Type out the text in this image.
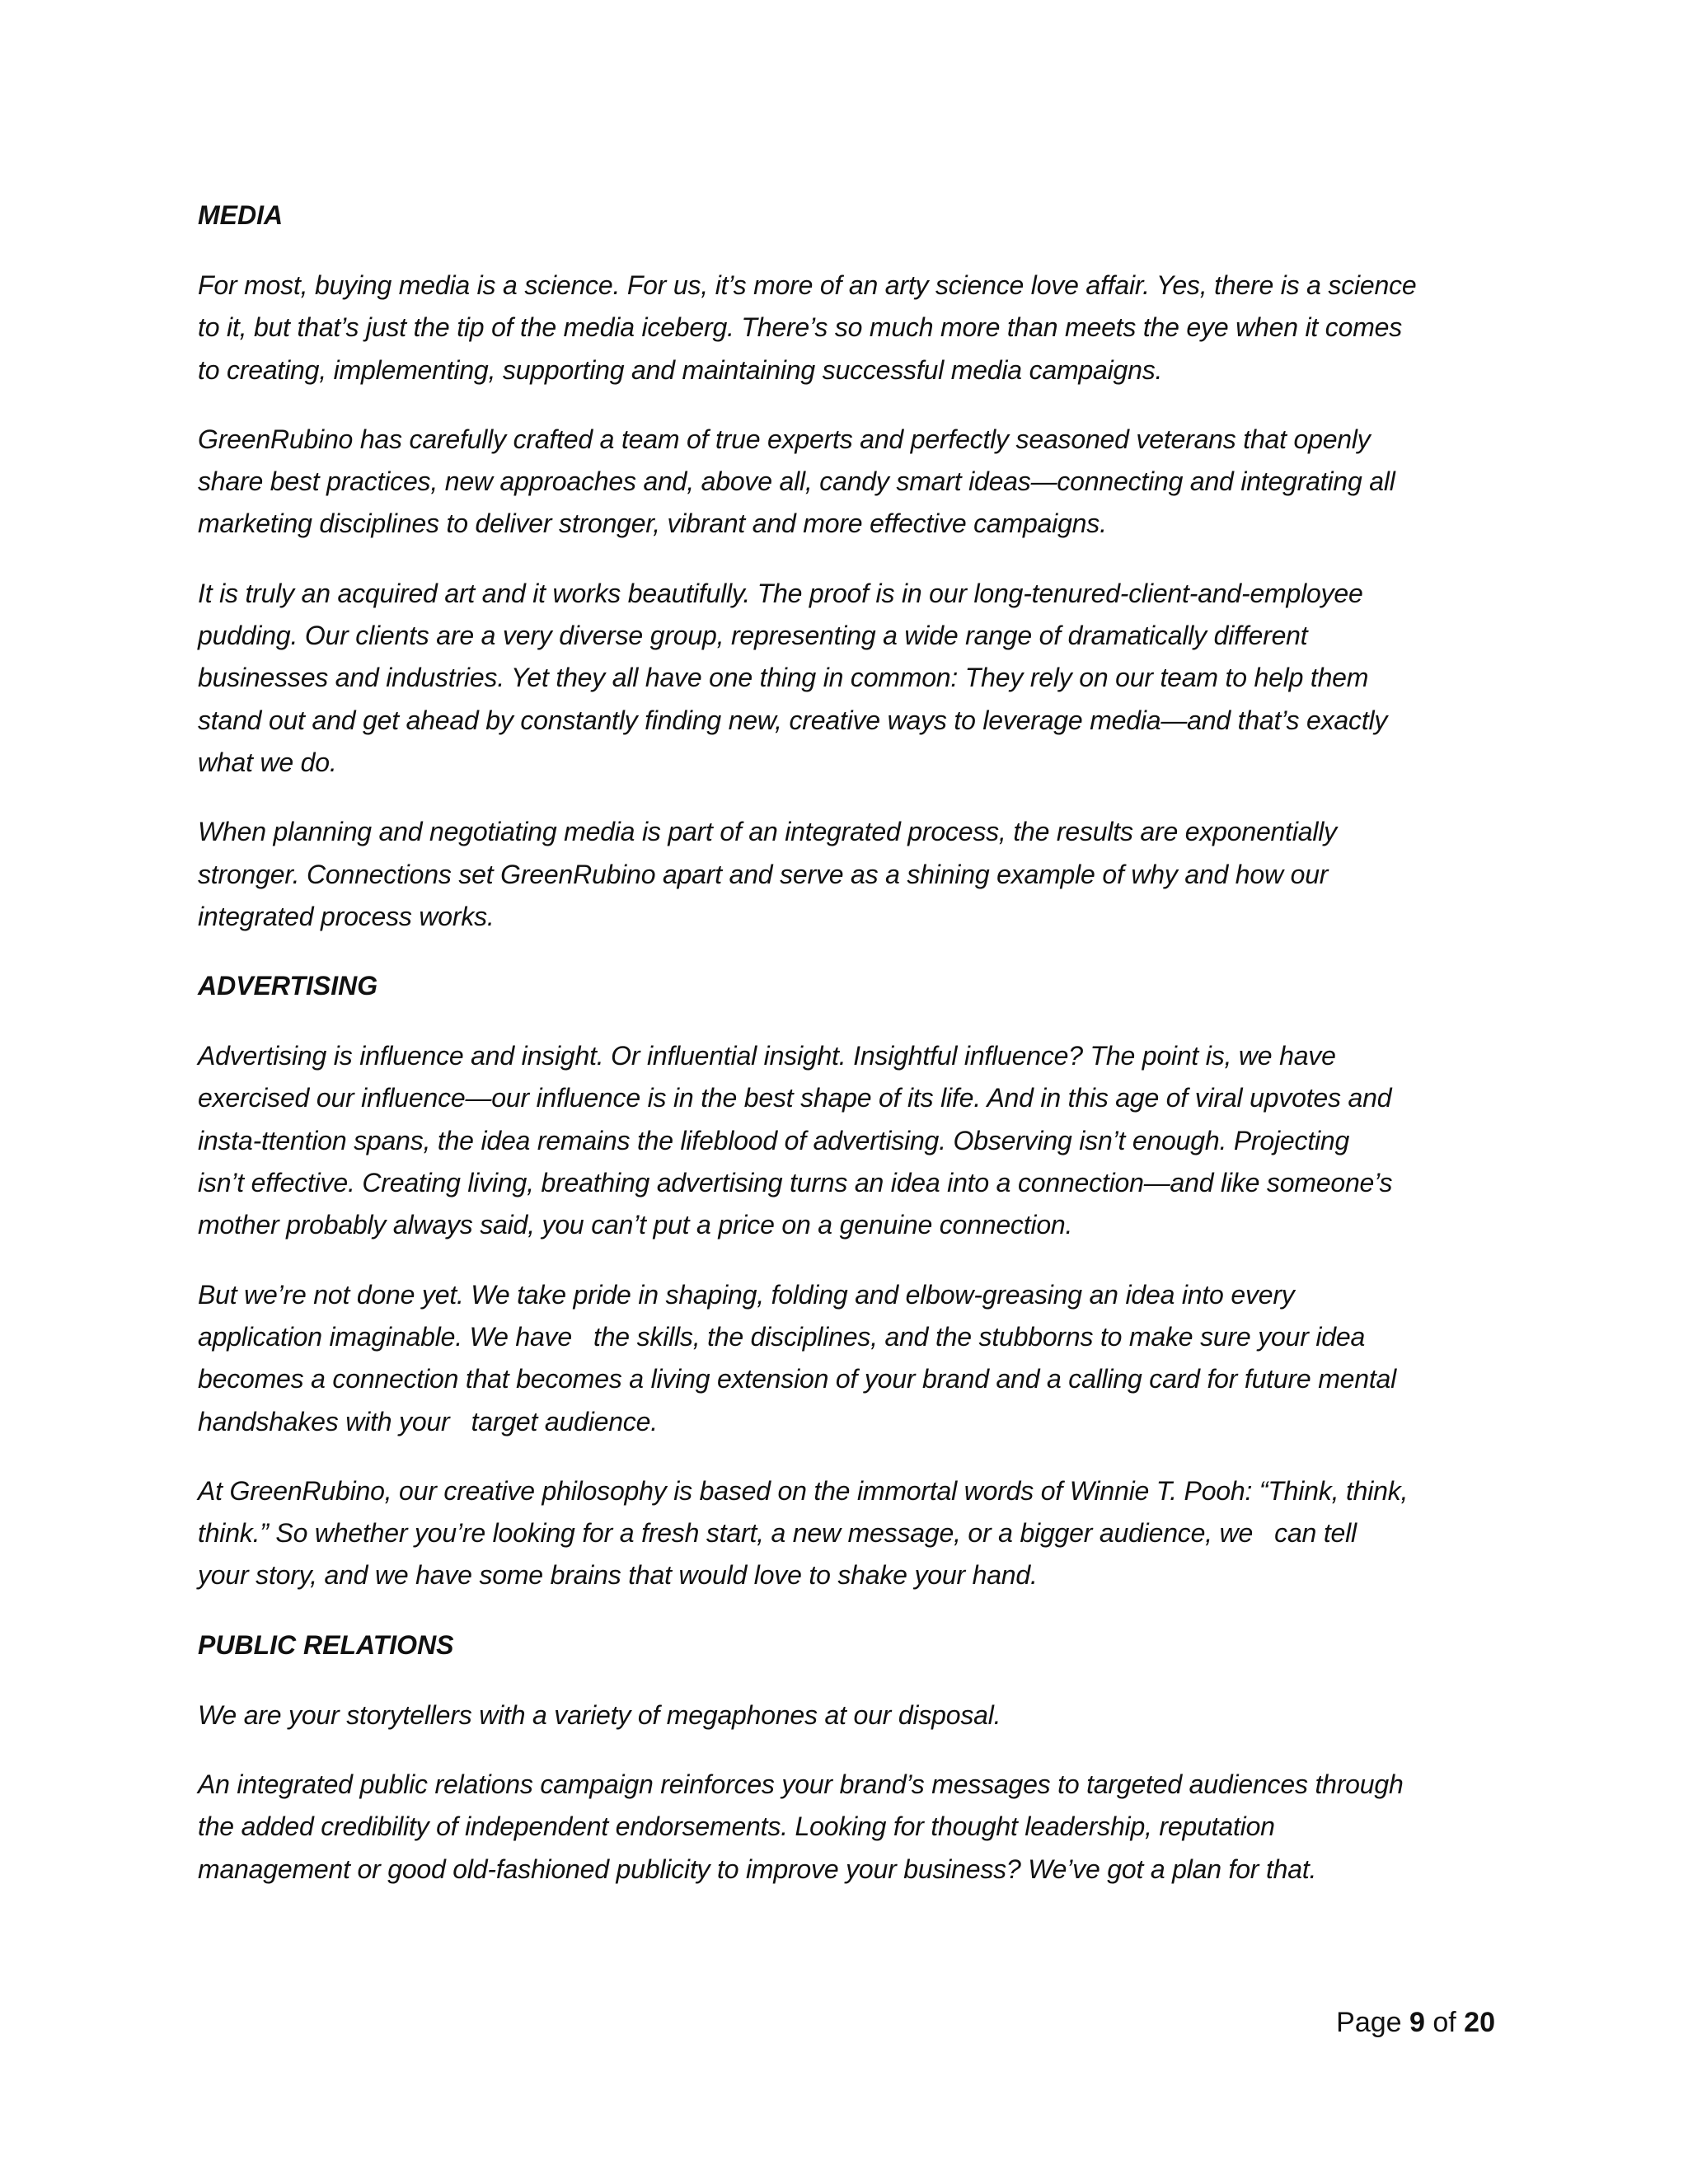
MEDIA
For most, buying media is a science. For us, it’s more of an arty science love affair. Yes, there is a science
to it, but that’s just the tip of the media iceberg. There’s so much more than meets the eye when it comes
to creating, implementing, supporting and maintaining successful media campaigns.
GreenRubino has carefully crafted a team of true experts and perfectly seasoned veterans that openly
share best practices, new approaches and, above all, candy smart ideas—connecting and integrating all
marketing disciplines to deliver stronger, vibrant and more effective campaigns.
It is truly an acquired art and it works beautifully. The proof is in our long-tenured-client-and-employee
pudding. Our clients are a very diverse group, representing a wide range of dramatically different
businesses and industries. Yet they all have one thing in common: They rely on our team to help them
stand out and get ahead by constantly finding new, creative ways to leverage media—and that’s exactly
what we do.
When planning and negotiating media is part of an integrated process, the results are exponentially
stronger. Connections set GreenRubino apart and serve as a shining example of why and how our
integrated process works.
ADVERTISING
Advertising is influence and insight. Or influential insight. Insightful influence? The point is, we have
exercised our influence—our influence is in the best shape of its life. And in this age of viral upvotes and
insta-ttention spans, the idea remains the lifeblood of advertising. Observing isn’t enough. Projecting
isn’t effective. Creating living, breathing advertising turns an idea into a connection—and like someone’s
mother probably always said, you can’t put a price on a genuine connection.
But we’re not done yet. We take pride in shaping, folding and elbow-greasing an idea into every
application imaginable. We have   the skills, the disciplines, and the stubborns to make sure your idea
becomes a connection that becomes a living extension of your brand and a calling card for future mental
handshakes with your   target audience.
At GreenRubino, our creative philosophy is based on the immortal words of Winnie T. Pooh: “Think, think,
think.” So whether you’re looking for a fresh start, a new message, or a bigger audience, we   can tell
your story, and we have some brains that would love to shake your hand.
PUBLIC RELATIONS
We are your storytellers with a variety of megaphones at our disposal.
An integrated public relations campaign reinforces your brand’s messages to targeted audiences through
the added credibility of independent endorsements. Looking for thought leadership, reputation
management or good old-fashioned publicity to improve your business? We’ve got a plan for that.
Page 9 of 20
